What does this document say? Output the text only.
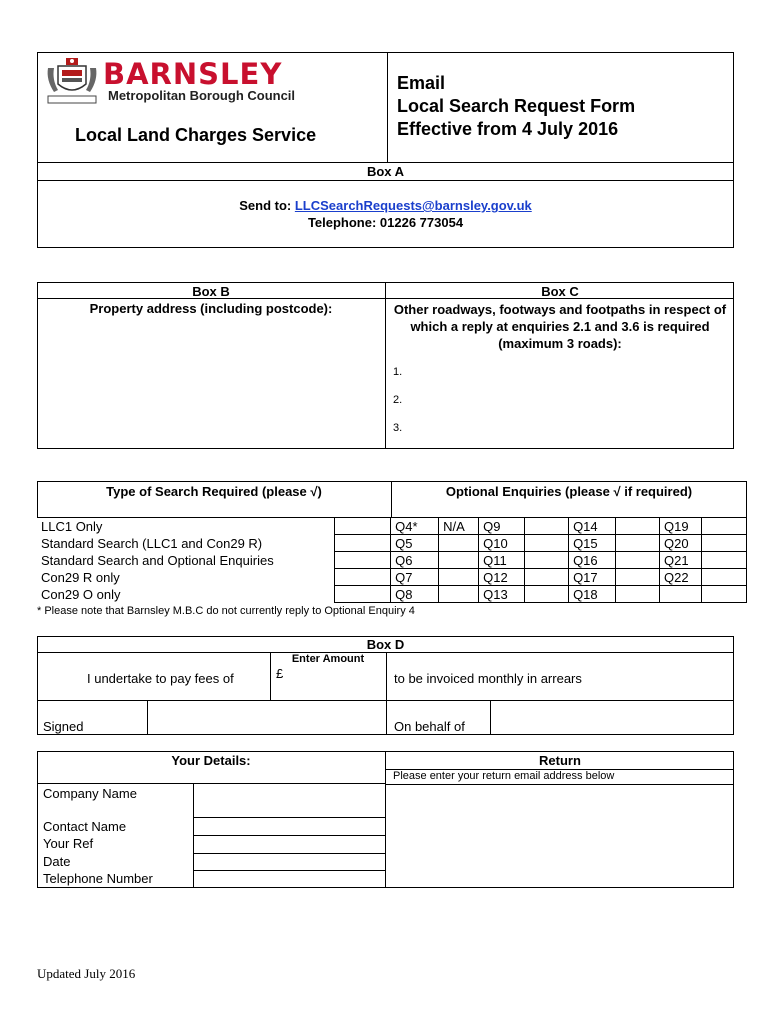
BARNSLEY
Metropolitan Borough Council
Local Land Charges Service
Email
Local Search Request Form
Effective from 4 July 2016
Box A
Send to: LLCSearchRequests@barnsley.gov.uk
Telephone: 01226 773054
Box B
Property address (including postcode):
Box C
Other roadways, footways and footpaths in respect of which a reply at enquiries 2.1 and 3.6 is required (maximum 3 roads):
1.
2.
3.
Type of Search Required (please √)	Optional Enquiries (please √ if required)
LLC1 Only		Q4*	N/A	Q9		Q14		Q19	
Standard Search (LLC1 and Con29 R)		Q5		Q10		Q15		Q20	
Standard Search and Optional Enquiries		Q6		Q11		Q16		Q21	
Con29 R only		Q7		Q12		Q17		Q22	
Con29 O only		Q8		Q13		Q18			
* Please note that Barnsley M.B.C do not currently reply to Optional Enquiry 4
Box D
I undertake to pay fees of
Enter Amount
£	to be invoiced monthly in arrears
Signed	On behalf of
Your Details:	Return
Please enter your return email address below
Company Name
Contact Name
Your Ref
Date
Telephone Number
Updated July 2016
